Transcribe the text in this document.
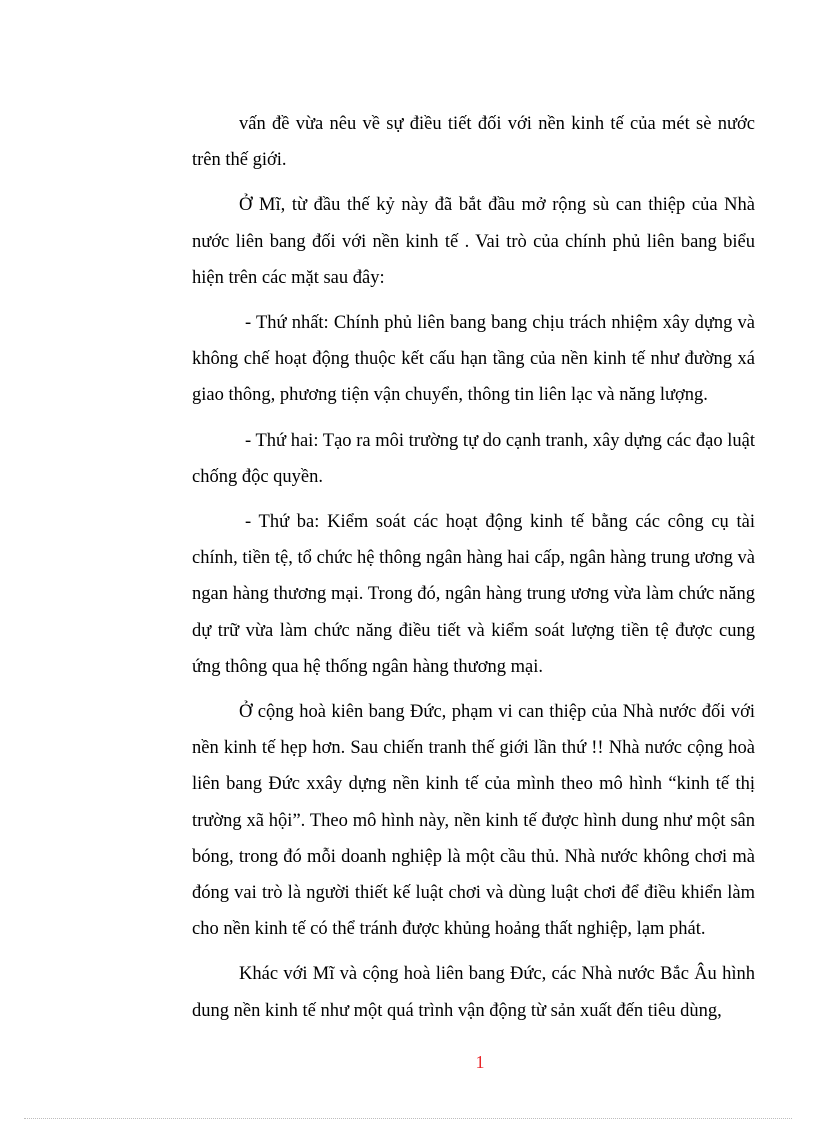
vấn đề vừa nêu về sự điều tiết đối với nền kinh tế của mét sè nước trên thế giới.

Ở Mĩ, từ đầu thế kỷ này đã bắt đầu mở rộng sù can thiệp của Nhà nước liên bang đối với nền kinh tế . Vai trò của chính phủ liên bang biểu hiện trên các mặt sau đây:

- Thứ nhất: Chính phủ liên bang bang chịu trách nhiệm xây dựng và không chế hoạt động thuộc kết cấu hạn tầng của nền kinh tế như đường xá giao thông, phương tiện vận chuyển, thông tin liên lạc và năng lượng.

- Thứ hai: Tạo ra môi trường tự do cạnh tranh, xây dựng các đạo luật chống độc quyền.

- Thứ ba: Kiểm soát các hoạt động kinh tế bằng các công cụ tài chính, tiền tệ, tổ chức hệ thông ngân hàng hai cấp, ngân hàng trung ương và ngan hàng thương mại. Trong đó, ngân hàng trung ương vừa làm chức năng dự trữ vừa làm chức năng điều tiết và kiểm soát lượng tiền tệ được cung ứng thông qua hệ thống ngân hàng thương mại.

Ở cộng hoà kiên bang Đức, phạm vi can thiệp của Nhà nước đối với nền kinh tế hẹp hơn. Sau chiến tranh thế giới lần thứ !! Nhà nước cộng hoà liên bang Đức xxây dựng nền kinh tế của mình theo mô hình “kinh tế thị trường xã hội”. Theo mô hình này, nền kinh tế được hình dung như một sân bóng, trong đó mỗi doanh nghiệp là một cầu thủ. Nhà nước không chơi mà đóng vai trò là người thiết kế luật chơi và dùng luật chơi để điều khiển làm cho nền kinh tế có thể tránh được khủng hoảng thất nghiệp, lạm phát.

Khác với Mĩ và cộng hoà liên bang Đức, các Nhà nước Bắc Âu hình dung nền kinh tế như một quá trình vận động từ sản xuất đến tiêu dùng,

1
